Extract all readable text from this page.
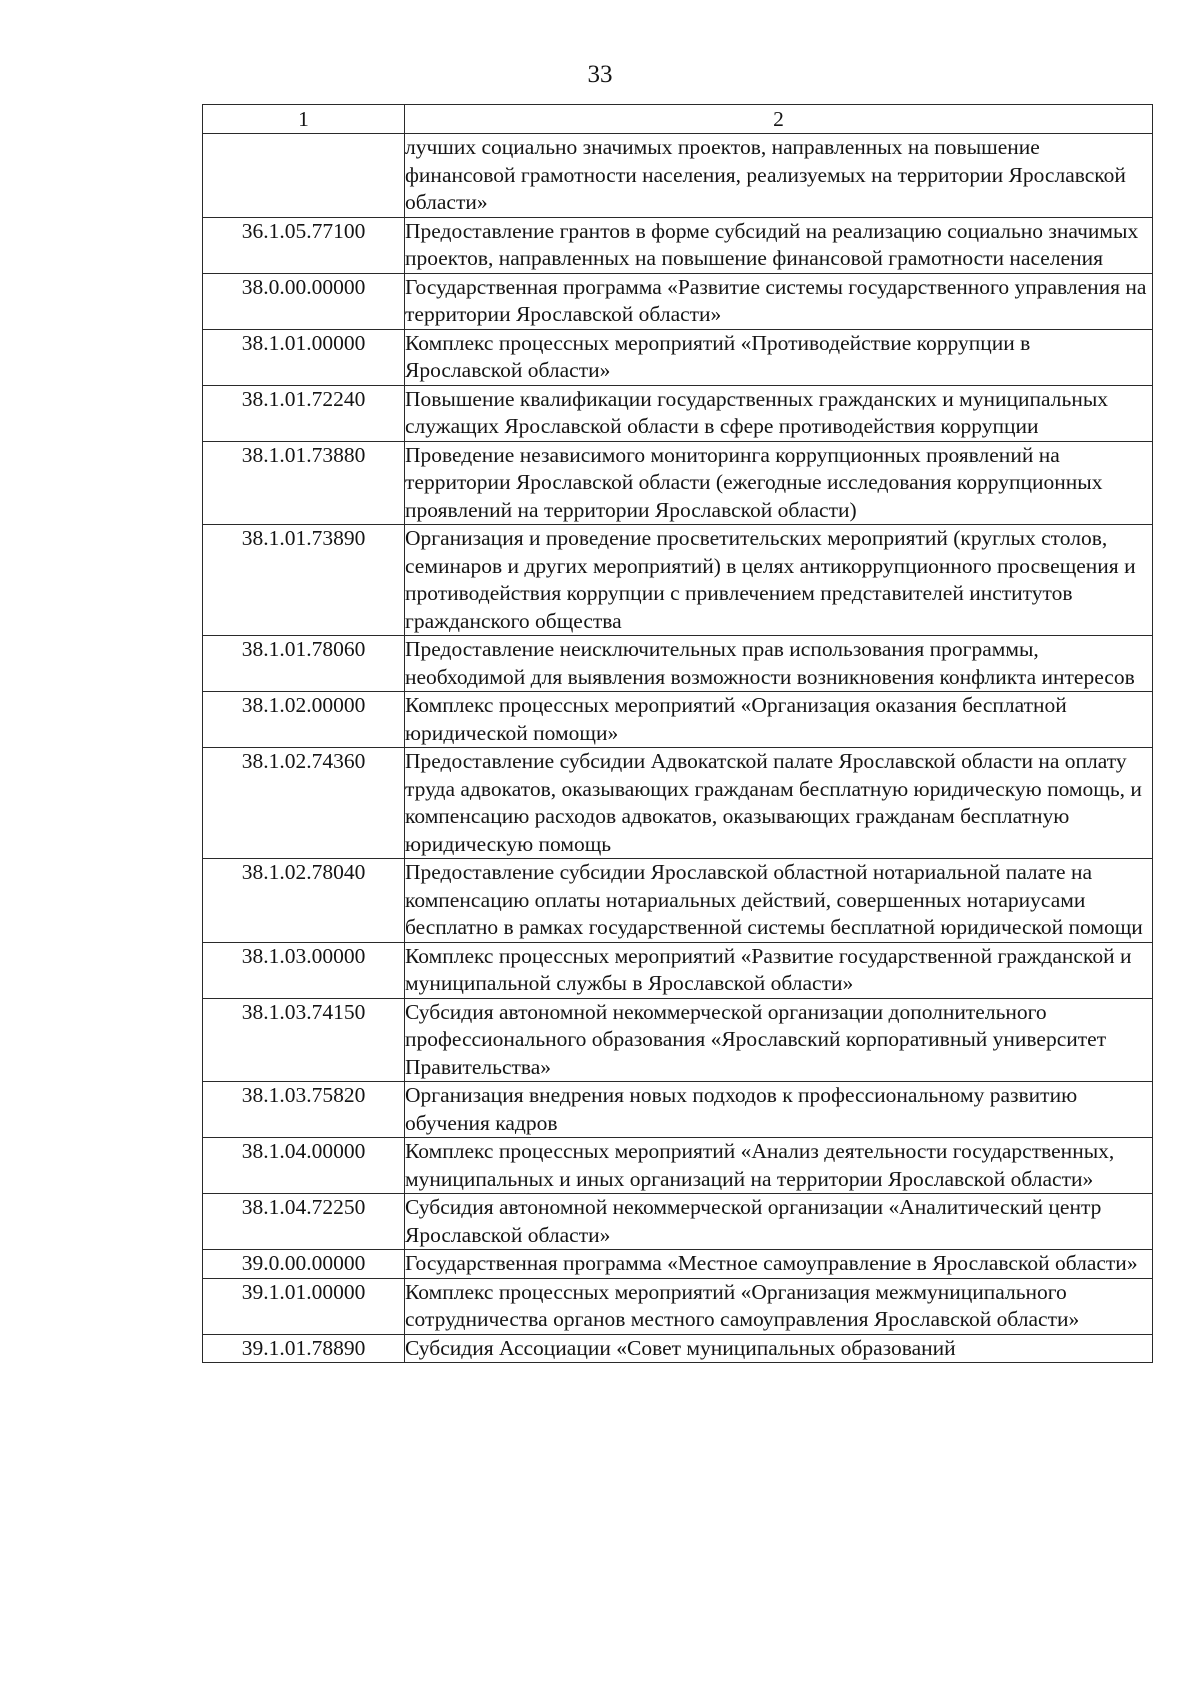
33
1	2
	лучших социально значимых проектов, направленных на повышение финансовой грамотности населения, реализуемых на территории Ярославской области»
36.1.05.77100	Предоставление грантов в форме субсидий на реализацию социально значимых проектов, направленных на повышение финансовой грамотности населения
38.0.00.00000	Государственная программа «Развитие системы государственного управления на территории Ярославской области»
38.1.01.00000	Комплекс процессных мероприятий «Противодействие коррупции в Ярославской области»
38.1.01.72240	Повышение квалификации государственных гражданских и муниципальных служащих Ярославской области в сфере противодействия коррупции
38.1.01.73880	Проведение независимого мониторинга коррупционных проявлений на территории Ярославской области (ежегодные исследования коррупционных проявлений на территории Ярославской области)
38.1.01.73890	Организация и проведение просветительских мероприятий (круглых столов, семинаров и других мероприятий) в целях антикоррупционного просвещения и противодействия коррупции с привлечением представителей институтов гражданского общества
38.1.01.78060	Предоставление неисключительных прав использования программы, необходимой для выявления возможности возникновения конфликта интересов
38.1.02.00000	Комплекс процессных мероприятий «Организация оказания бесплатной юридической помощи»
38.1.02.74360	Предоставление субсидии Адвокатской палате Ярославской области на оплату труда адвокатов, оказывающих гражданам бесплатную юридическую помощь, и компенсацию расходов адвокатов, оказывающих гражданам бесплатную юридическую помощь
38.1.02.78040	Предоставление субсидии Ярославской областной нотариальной палате на компенсацию оплаты нотариальных действий, совершенных нотариусами бесплатно в рамках государственной системы бесплатной юридической помощи
38.1.03.00000	Комплекс процессных мероприятий «Развитие государственной гражданской и муниципальной службы в Ярославской области»
38.1.03.74150	Субсидия автономной некоммерческой организации дополнительного профессионального образования «Ярославский корпоративный университет Правительства»
38.1.03.75820	Организация внедрения новых подходов к профессиональному развитию обучения кадров
38.1.04.00000	Комплекс процессных мероприятий «Анализ деятельности государственных, муниципальных и иных организаций на территории Ярославской области»
38.1.04.72250	Субсидия автономной некоммерческой организации «Аналитический центр Ярославской области»
39.0.00.00000	Государственная программа «Местное самоуправление в Ярославской области»
39.1.01.00000	Комплекс процессных мероприятий «Организация межмуниципального сотрудничества органов местного самоуправления Ярославской области»
39.1.01.78890	Субсидия Ассоциации «Совет муниципальных образований
